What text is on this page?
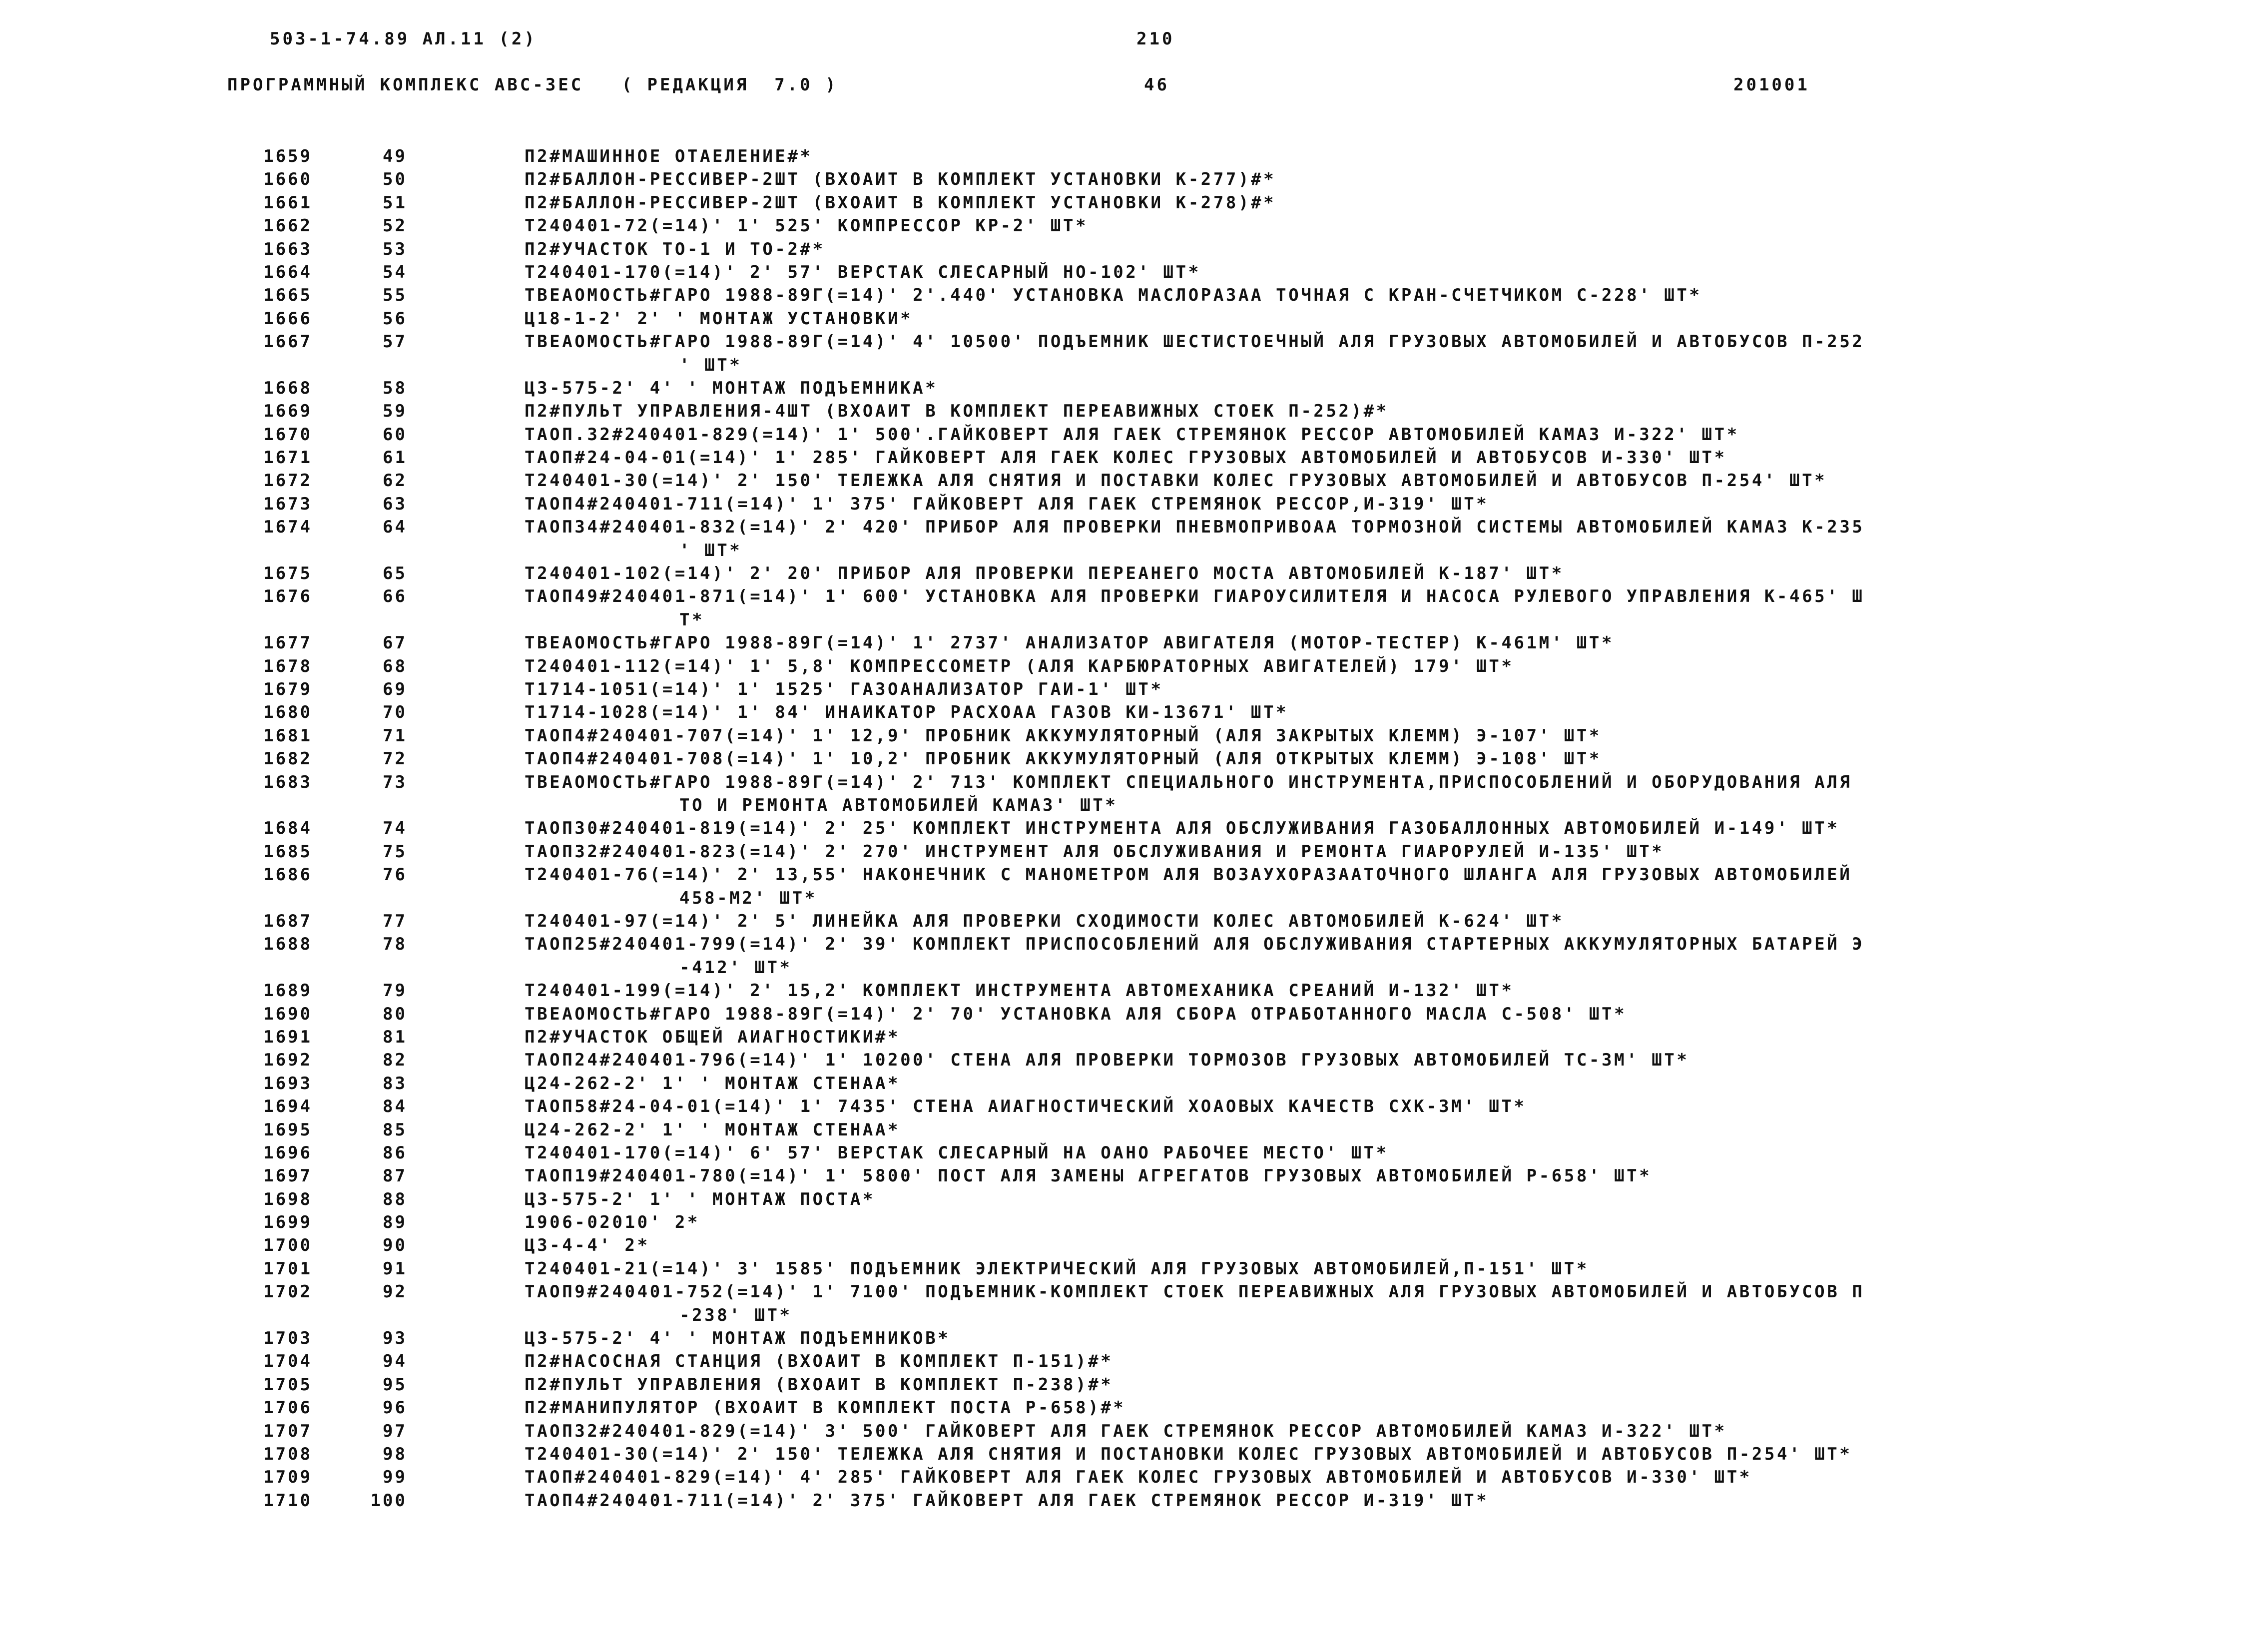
503-1-74.89 АЛ.11 (2)	210
ПРОГРАММНЫЙ КОМПЛЕКС АВС-3ЕС   ( РЕДАКЦИЯ  7.0 )	46	201001
1659	49	П2#МАШИННОЕ ОТАЕЛЕНИЕ#*
1660	50	П2#БАЛЛОН-РЕССИВЕР-2ШТ (ВХОАИТ В КОМПЛЕКТ УСТАНОВКИ К-277)#*
1661	51	П2#БАЛЛОН-РЕССИВЕР-2ШТ (ВХОАИТ В КОМПЛЕКТ УСТАНОВКИ К-278)#*
1662	52	Т240401-72(=14)' 1' 525' КОМПРЕССОР КР-2' ШТ*
1663	53	П2#УЧАСТОК ТО-1 И ТО-2#*
1664	54	Т240401-170(=14)' 2' 57' ВЕРСТАК СЛЕСАРНЫЙ НО-102' ШТ*
1665	55	ТВЕАОМОСТЬ#ГАРО 1988-89Г(=14)' 2'.440' УСТАНОВКА МАСЛОРАЗАА ТОЧНАЯ С КРАН-СЧЕТЧИКОМ С-228' ШТ*
1666	56	Ц18-1-2' 2' ' МОНТАЖ УСТАНОВКИ*
1667	57	ТВЕАОМОСТЬ#ГАРО 1988-89Г(=14)' 4' 10500' ПОДЪЕМНИК ШЕСТИСТОЕЧНЫЙ АЛЯ ГРУЗОВЫХ АВТОМОБИЛЕЙ И АВТОБУСОВ П-252
' ШТ*
1668	58	Ц3-575-2' 4' ' МОНТАЖ ПОДЪЕМНИКА*
1669	59	П2#ПУЛЬТ УПРАВЛЕНИЯ-4ШТ (ВХОАИТ В КОМПЛЕКТ ПЕРЕАВИЖНЫХ СТОЕК П-252)#*
1670	60	ТАОП.32#240401-829(=14)' 1' 500'.ГАЙКОВЕРТ АЛЯ ГАЕК СТРЕМЯНОК РЕССОР АВТОМОБИЛЕЙ КАМАЗ И-322' ШТ*
1671	61	ТАОП#24-04-01(=14)' 1' 285' ГАЙКОВЕРТ АЛЯ ГАЕК КОЛЕС ГРУЗОВЫХ АВТОМОБИЛЕЙ И АВТОБУСОВ И-330' ШТ*
1672	62	Т240401-30(=14)' 2' 150' ТЕЛЕЖКА АЛЯ СНЯТИЯ И ПОСТАВКИ КОЛЕС ГРУЗОВЫХ АВТОМОБИЛЕЙ И АВТОБУСОВ П-254' ШТ*
1673	63	ТАОП4#240401-711(=14)' 1' 375' ГАЙКОВЕРТ АЛЯ ГАЕК СТРЕМЯНОК РЕССОР,И-319' ШТ*
1674	64	ТАОП34#240401-832(=14)' 2' 420' ПРИБОР АЛЯ ПРОВЕРКИ ПНЕВМОПРИВОАА ТОРМОЗНОЙ СИСТЕМЫ АВТОМОБИЛЕЙ КАМАЗ К-235
' ШТ*
1675	65	Т240401-102(=14)' 2' 20' ПРИБОР АЛЯ ПРОВЕРКИ ПЕРЕАНЕГО МОСТА АВТОМОБИЛЕЙ К-187' ШТ*
1676	66	ТАОП49#240401-871(=14)' 1' 600' УСТАНОВКА АЛЯ ПРОВЕРКИ ГИАРОУСИЛИТЕЛЯ И НАСОСА РУЛЕВОГО УПРАВЛЕНИЯ К-465' Ш
Т*
1677	67	ТВЕАОМОСТЬ#ГАРО 1988-89Г(=14)' 1' 2737' АНАЛИЗАТОР АВИГАТЕЛЯ (МОТОР-ТЕСТЕР) К-461М' ШТ*
1678	68	Т240401-112(=14)' 1' 5,8' КОМПРЕССОМЕТР (АЛЯ КАРБЮРАТОРНЫХ АВИГАТЕЛЕЙ) 179' ШТ*
1679	69	Т1714-1051(=14)' 1' 1525' ГАЗОАНАЛИЗАТОР ГАИ-1' ШТ*
1680	70	Т1714-1028(=14)' 1' 84' ИНАИКАТОР РАСХОАА ГАЗОВ КИ-13671' ШТ*
1681	71	ТАОП4#240401-707(=14)' 1' 12,9' ПРОБНИК АККУМУЛЯТОРНЫЙ (АЛЯ ЗАКРЫТЫХ КЛЕММ) Э-107' ШТ*
1682	72	ТАОП4#240401-708(=14)' 1' 10,2' ПРОБНИК АККУМУЛЯТОРНЫЙ (АЛЯ ОТКРЫТЫХ КЛЕММ) Э-108' ШТ*
1683	73	ТВЕАОМОСТЬ#ГАРО 1988-89Г(=14)' 2' 713' КОМПЛЕКТ СПЕЦИАЛЬНОГО ИНСТРУМЕНТА,ПРИСПОСОБЛЕНИЙ И ОБОРУДОВАНИЯ АЛЯ
ТО И РЕМОНТА АВТОМОБИЛЕЙ КАМАЗ' ШТ*
1684	74	ТАОП30#240401-819(=14)' 2' 25' КОМПЛЕКТ ИНСТРУМЕНТА АЛЯ ОБСЛУЖИВАНИЯ ГАЗОБАЛЛОННЫХ АВТОМОБИЛЕЙ И-149' ШТ*
1685	75	ТАОП32#240401-823(=14)' 2' 270' ИНСТРУМЕНТ АЛЯ ОБСЛУЖИВАНИЯ И РЕМОНТА ГИАРОРУЛЕЙ И-135' ШТ*
1686	76	Т240401-76(=14)' 2' 13,55' НАКОНЕЧНИК С МАНОМЕТРОМ АЛЯ ВОЗАУХОРАЗААТОЧНОГО ШЛАНГА АЛЯ ГРУЗОВЫХ АВТОМОБИЛЕЙ
458-М2' ШТ*
1687	77	Т240401-97(=14)' 2' 5' ЛИНЕЙКА АЛЯ ПРОВЕРКИ СХОДИМОСТИ КОЛЕС АВТОМОБИЛЕЙ К-624' ШТ*
1688	78	ТАОП25#240401-799(=14)' 2' 39' КОМПЛЕКТ ПРИСПОСОБЛЕНИЙ АЛЯ ОБСЛУЖИВАНИЯ СТАРТЕРНЫХ АККУМУЛЯТОРНЫХ БАТАРЕЙ Э
-412' ШТ*
1689	79	Т240401-199(=14)' 2' 15,2' КОМПЛЕКТ ИНСТРУМЕНТА АВТОМЕХАНИКА СРЕАНИЙ И-132' ШТ*
1690	80	ТВЕАОМОСТЬ#ГАРО 1988-89Г(=14)' 2' 70' УСТАНОВКА АЛЯ СБОРА ОТРАБОТАННОГО МАСЛА С-508' ШТ*
1691	81	П2#УЧАСТОК ОБЩЕЙ АИАГНОСТИКИ#*
1692	82	ТАОП24#240401-796(=14)' 1' 10200' СТЕНА АЛЯ ПРОВЕРКИ ТОРМОЗОВ ГРУЗОВЫХ АВТОМОБИЛЕЙ ТС-3М' ШТ*
1693	83	Ц24-262-2' 1' ' МОНТАЖ СТЕНАА*
1694	84	ТАОП58#24-04-01(=14)' 1' 7435' СТЕНА АИАГНОСТИЧЕСКИЙ ХОАОВЫХ КАЧЕСТВ СХК-3М' ШТ*
1695	85	Ц24-262-2' 1' ' МОНТАЖ СТЕНАА*
1696	86	Т240401-170(=14)' 6' 57' ВЕРСТАК СЛЕСАРНЫЙ НА ОАНО РАБОЧЕЕ МЕСТО' ШТ*
1697	87	ТАОП19#240401-780(=14)' 1' 5800' ПОСТ АЛЯ ЗАМЕНЫ АГРЕГАТОВ ГРУЗОВЫХ АВТОМОБИЛЕЙ Р-658' ШТ*
1698	88	Ц3-575-2' 1' ' МОНТАЖ ПОСТА*
1699	89	1906-02010' 2*
1700	90	Ц3-4-4' 2*
1701	91	Т240401-21(=14)' 3' 1585' ПОДЪЕМНИК ЭЛЕКТРИЧЕСКИЙ АЛЯ ГРУЗОВЫХ АВТОМОБИЛЕЙ,П-151' ШТ*
1702	92	ТАОП9#240401-752(=14)' 1' 7100' ПОДЪЕМНИК-КОМПЛЕКТ СТОЕК ПЕРЕАВИЖНЫХ АЛЯ ГРУЗОВЫХ АВТОМОБИЛЕЙ И АВТОБУСОВ П
-238' ШТ*
1703	93	Ц3-575-2' 4' ' МОНТАЖ ПОДЪЕМНИКОВ*
1704	94	П2#НАСОСНАЯ СТАНЦИЯ (ВХОАИТ В КОМПЛЕКТ П-151)#*
1705	95	П2#ПУЛЬТ УПРАВЛЕНИЯ (ВХОАИТ В КОМПЛЕКТ П-238)#*
1706	96	П2#МАНИПУЛЯТОР (ВХОАИТ В КОМПЛЕКТ ПОСТА Р-658)#*
1707	97	ТАОП32#240401-829(=14)' 3' 500' ГАЙКОВЕРТ АЛЯ ГАЕК СТРЕМЯНОК РЕССОР АВТОМОБИЛЕЙ КАМАЗ И-322' ШТ*
1708	98	Т240401-30(=14)' 2' 150' ТЕЛЕЖКА АЛЯ СНЯТИЯ И ПОСТАНОВКИ КОЛЕС ГРУЗОВЫХ АВТОМОБИЛЕЙ И АВТОБУСОВ П-254' ШТ*
1709	99	ТАОП#240401-829(=14)' 4' 285' ГАЙКОВЕРТ АЛЯ ГАЕК КОЛЕС ГРУЗОВЫХ АВТОМОБИЛЕЙ И АВТОБУСОВ И-330' ШТ*
1710	100	ТАОП4#240401-711(=14)' 2' 375' ГАЙКОВЕРТ АЛЯ ГАЕК СТРЕМЯНОК РЕССОР И-319' ШТ*
